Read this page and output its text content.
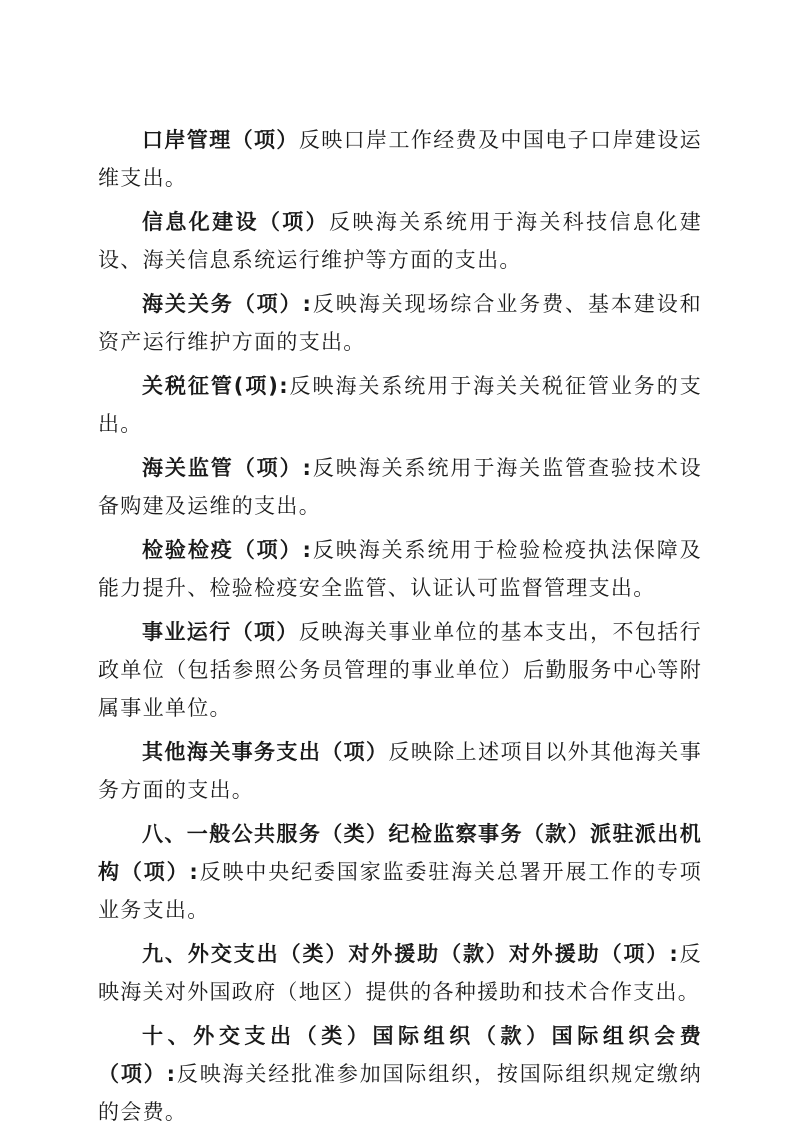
口岸管理（项）反映口岸工作经费及中国电子口岸建设运维支出。

信息化建设（项）反映海关系统用于海关科技信息化建设、海关信息系统运行维护等方面的支出。

海关关务（项）:反映海关现场综合业务费、基本建设和资产运行维护方面的支出。

关税征管(项):反映海关系统用于海关关税征管业务的支出。

海关监管（项）:反映海关系统用于海关监管查验技术设备购建及运维的支出。

检验检疫（项）:反映海关系统用于检验检疫执法保障及能力提升、检验检疫安全监管、认证认可监督管理支出。

事业运行（项）反映海关事业单位的基本支出，不包括行政单位（包括参照公务员管理的事业单位）后勤服务中心等附属事业单位。

其他海关事务支出（项）反映除上述项目以外其他海关事务方面的支出。

八、一般公共服务（类）纪检监察事务（款）派驻派出机构（项）:反映中央纪委国家监委驻海关总署开展工作的专项业务支出。

九、外交支出（类）对外援助（款）对外援助（项）:反映海关对外国政府（地区）提供的各种援助和技术合作支出。

十、外交支出（类）国际组织（款）国际组织会费（项）:反映海关经批准参加国际组织，按国际组织规定缴纳的会费。
